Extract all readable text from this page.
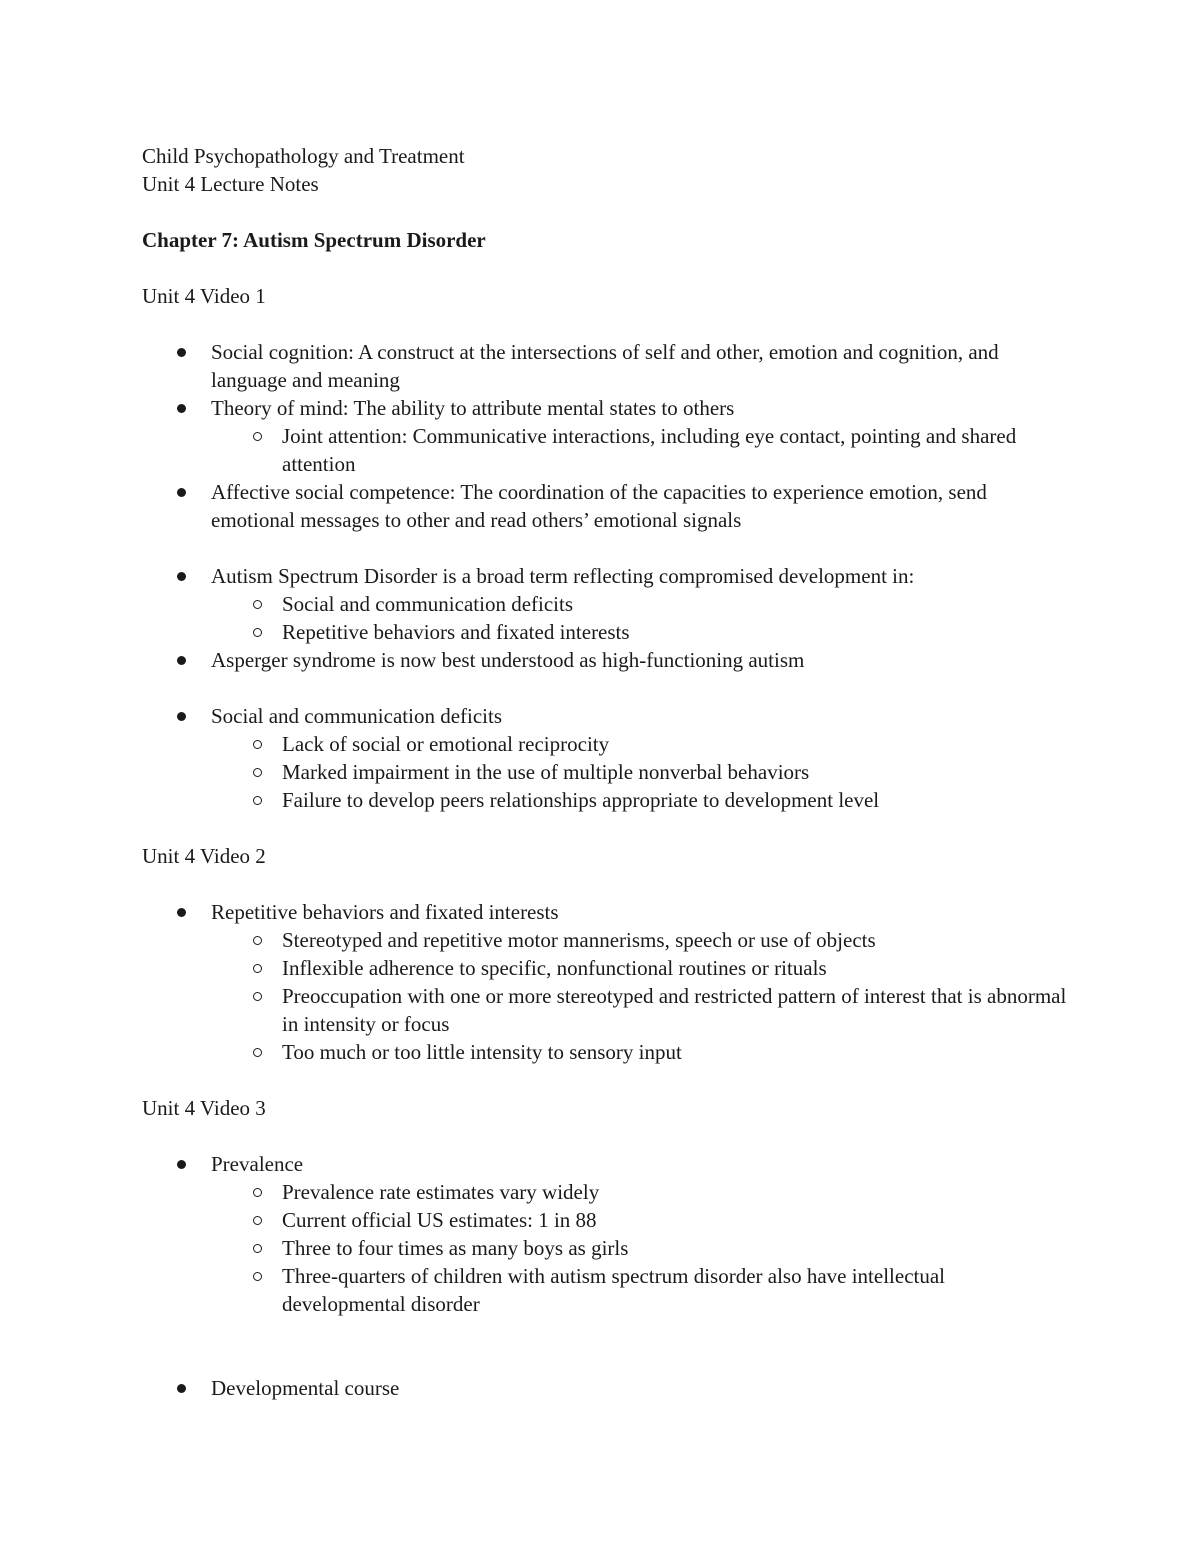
Child Psychopathology and Treatment

Unit 4 Lecture Notes

Chapter 7: Autism Spectrum Disorder

Unit 4 Video 1

Social cognition: A construct at the intersections of self and other, emotion and cognition, and language and meaning
Theory of mind: The ability to attribute mental states to others
Joint attention: Communicative interactions, including eye contact, pointing and shared attention
Affective social competence: The coordination of the capacities to experience emotion, send emotional messages to other and read others’ emotional signals
Autism Spectrum Disorder is a broad term reflecting compromised development in:
Social and communication deficits
Repetitive behaviors and fixated interests
Asperger syndrome is now best understood as high-functioning autism
Social and communication deficits
Lack of social or emotional reciprocity
Marked impairment in the use of multiple nonverbal behaviors
Failure to develop peers relationships appropriate to development level

Unit 4 Video 2

Repetitive behaviors and fixated interests
Stereotyped and repetitive motor mannerisms, speech or use of objects
Inflexible adherence to specific, nonfunctional routines or rituals
Preoccupation with one or more stereotyped and restricted pattern of interest that is abnormal in intensity or focus
Too much or too little intensity to sensory input

Unit 4 Video 3

Prevalence
Prevalence rate estimates vary widely
Current official US estimates: 1 in 88
Three to four times as many boys as girls
Three-quarters of children with autism spectrum disorder also have intellectual developmental disorder
Developmental course
